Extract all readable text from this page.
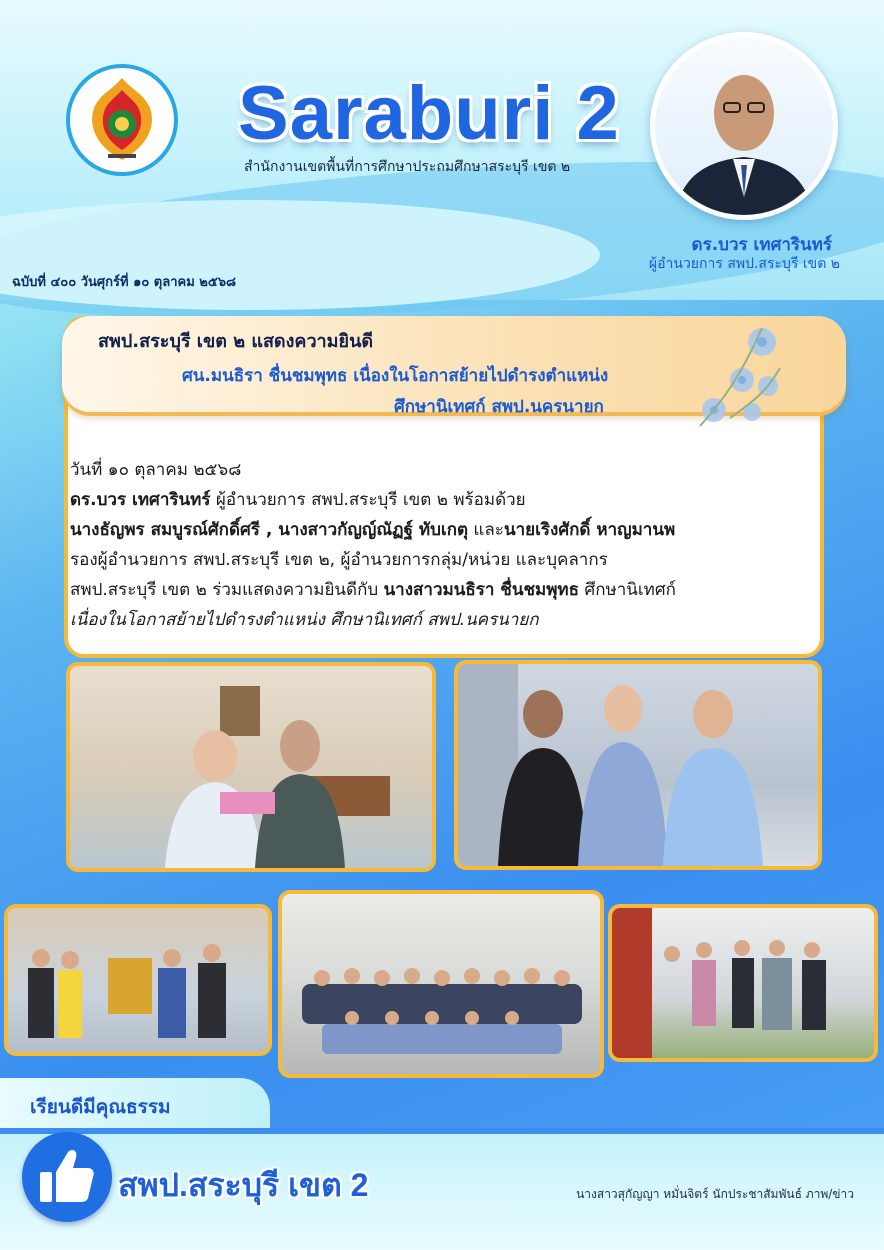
Saraburi 2
สำนักงานเขตพื้นที่การศึกษาประถมศึกษาสระบุรี เขต ๒
ดร.บวร เทศารินทร์
ผู้อำนวยการ สพป.สระบุรี เขต ๒
ฉบับที่ ๔๐๐ วันศุกร์ที่ ๑๐ ตุลาคม ๒๕๖๘
สพป.สระบุรี เขต ๒ แสดงความยินดี
ศน.มนธิรา ชื่นชมพุทธ เนื่องในโอกาสย้ายไปดำรงตำแหน่ง
ศึกษานิเทศก์ สพป.นครนายก
วันที่ ๑๐ ตุลาคม ๒๕๖๘
ดร.บวร เทศารินทร์ ผู้อำนวยการ สพป.สระบุรี เขต ๒ พร้อมด้วย
นางธัญพร สมบูรณ์ศักดิ์ศรี , นางสาวกัญญ์ณัฏฐ์ ทับเกตุ และนายเริงศักดิ์ หาญมานพ
รองผู้อำนวยการ สพป.สระบุรี เขต ๒, ผู้อำนวยการกลุ่ม/หน่วย และบุคลากร
สพป.สระบุรี เขต ๒ ร่วมแสดงความยินดีกับ นางสาวมนธิรา ชื่นชมพุทธ ศึกษานิเทศก์
เนื่องในโอกาสย้ายไปดำรงตำแหน่ง ศึกษานิเทศก์ สพป.นครนายก
เรียนดีมีคุณธรรม
สพป.สระบุรี เขต 2	นางสาวสุกัญญา หมั่นจิตร์ นักประชาสัมพันธ์ ภาพ/ข่าว
